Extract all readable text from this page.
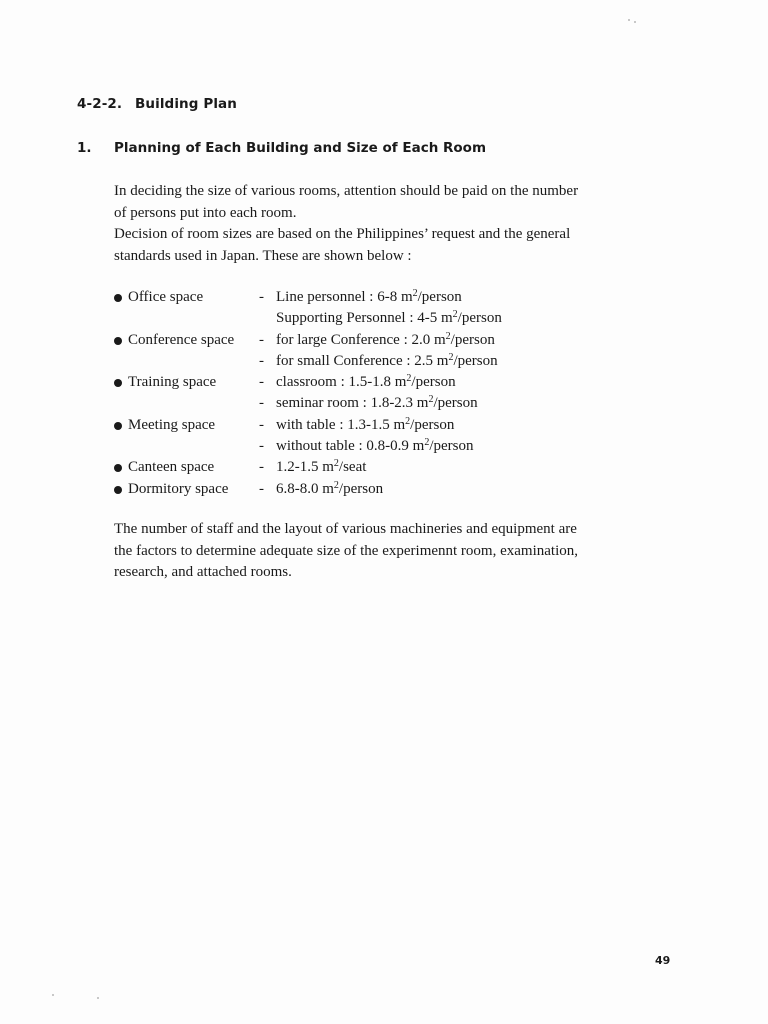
4-2-2. Building Plan
1. Planning of Each Building and Size of Each Room
In deciding the size of various rooms, attention should be paid on the number
of persons put into each room.
Decision of room sizes are based on the Philippines’ request and the general
standards used in Japan. These are shown below :
Office space	- Line personnel : 6-8 $m^2$/person
Supporting Personnel : 4-5 $m^2$/person
Conference space - for large Conference : 2.0 $m^2$/person
- for small Conference : 2.5 $m^2$/person
Training space	- classroom : 1.5-1.8 $m^2$/person
- seminar room : 1.8-2.3 $m^2$/person
Meeting space	- with table : 1.3-1.5 $m^2$/person
- without table : 0.8-0.9 $m^2$/person
Canteen space	- 1.2-1.5 $m^2$/seat
Dormitory space - 6.8-8.0 $m^2$/person
The number of staff and the layout of various machineries and equipment are
the factors to determine adequate size of the experimennt room, examination,
research, and attached rooms.
49
